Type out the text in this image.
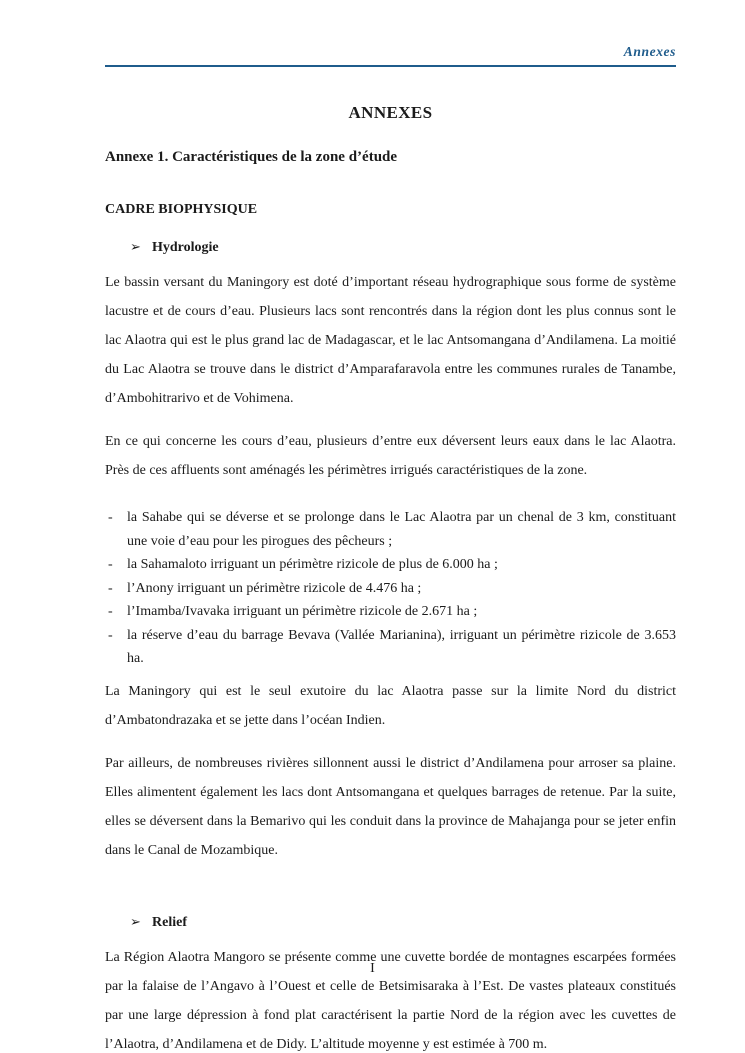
Annexes
ANNEXES
Annexe 1. Caractéristiques de la zone d’étude
CADRE BIOPHYSIQUE
➢ Hydrologie
Le bassin versant du Maningory est doté d’important réseau hydrographique sous forme de système lacustre et de cours d’eau. Plusieurs lacs sont rencontrés dans la région dont les plus connus sont le lac Alaotra qui est le plus grand lac de Madagascar, et le lac Antsomangana d’Andilamena. La moitié du Lac Alaotra se trouve dans le district d’Amparafaravola entre les communes rurales de Tanambe, d’Ambohitrarivo et de Vohimena.
En ce qui concerne les cours d’eau, plusieurs d’entre eux déversent leurs eaux dans le lac Alaotra. Près de ces affluents sont aménagés les périmètres irrigués caractéristiques de la zone.
-	la Sahabe qui se déverse et se prolonge dans le Lac Alaotra par un chenal de 3 km, constituant une voie d’eau pour les pirogues des pêcheurs ;
-	la Sahamaloto irriguant un périmètre rizicole de plus de 6.000 ha ;
-	l’Anony irriguant un périmètre rizicole de 4.476 ha ;
-	l’Imamba/Ivavaka irriguant un périmètre rizicole de 2.671 ha ;
-	la réserve d’eau du barrage Bevava (Vallée Marianina), irriguant un périmètre rizicole de 3.653 ha.
La Maningory qui est le seul exutoire du lac Alaotra passe sur la limite Nord du district d’Ambatondrazaka et se jette dans l’océan Indien.
Par ailleurs, de nombreuses rivières sillonnent aussi le district d’Andilamena pour arroser sa plaine. Elles alimentent également les lacs dont Antsomangana et quelques barrages de retenue. Par la suite, elles se déversent dans la Bemarivo qui les conduit dans la province de Mahajanga pour se jeter enfin dans le Canal de Mozambique.
➢ Relief
La Région Alaotra Mangoro se présente comme une cuvette bordée de montagnes escarpées formées par la falaise de l’Angavo à l’Ouest et celle de Betsimisaraka à l’Est. De vastes plateaux constitués par une large dépression à fond plat caractérisent la partie Nord de la région avec les cuvettes de l’Alaotra, d’Andilamena et de Didy. L’altitude moyenne y est estimée à 700 m.
I
